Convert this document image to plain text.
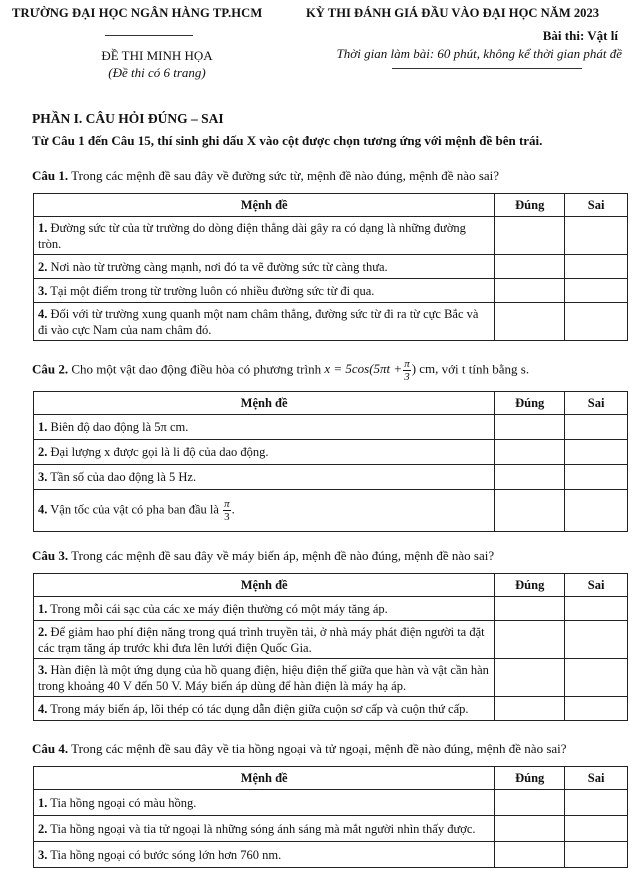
TRƯỜNG ĐẠI HỌC NGÂN HÀNG TP.HCM
ĐỀ THI MINH HỌA
(Đề thi có 6 trang)
KỲ THI ĐÁNH GIÁ ĐẦU VÀO ĐẠI HỌC NĂM 2023
Bài thi: Vật lí
Thời gian làm bài: 60 phút, không kể thời gian phát đề
PHẦN I. CÂU HỎI ĐÚNG – SAI
Từ Câu 1 đến Câu 15, thí sinh ghi dấu X vào cột được chọn tương ứng với mệnh đề bên trái.
Câu 1. Trong các mệnh đề sau đây về đường sức từ, mệnh đề nào đúng, mệnh đề nào sai?
Mệnh đề	Đúng	Sai
1. Đường sức từ của từ trường do dòng điện thẳng dài gây ra có dạng là những đường tròn.		
2. Nơi nào từ trường càng mạnh, nơi đó ta vẽ đường sức từ càng thưa.		
3. Tại một điểm trong từ trường luôn có nhiều đường sức từ đi qua.		
4. Đối với từ trường xung quanh một nam châm thẳng, đường sức từ đi ra từ cực Bắc và đi vào cực Nam của nam châm đó.		
Câu 2. Cho một vật dao động điều hòa có phương trình $x = 5\cos(5\pi t + \frac{\pi}{3}$ ) cm, với t tính bằng s.
Mệnh đề	Đúng	Sai
1. Biên độ dao động là 5π cm.		
2. Đại lượng x được gọi là li độ của dao động.		
3. Tần số của dao động là 5 Hz.		
4. Vận tốc của vật có pha ban đầu là $\frac{\pi}{3}$ .		
Câu 3. Trong các mệnh đề sau đây về máy biến áp, mệnh đề nào đúng, mệnh đề nào sai?
Mệnh đề	Đúng	Sai
1. Trong mỗi cái sạc của các xe máy điện thường có một máy tăng áp.		
2. Để giảm hao phí điện năng trong quá trình truyền tải, ở nhà máy phát điện người ta đặt các trạm tăng áp trước khi đưa lên lưới điện Quốc Gia.		
3. Hàn điện là một ứng dụng của hồ quang điện, hiệu điện thế giữa que hàn và vật cần hàn trong khoảng 40 V đến 50 V. Máy biến áp dùng để hàn điện là máy hạ áp.		
4. Trong máy biến áp, lõi thép có tác dụng dẫn điện giữa cuộn sơ cấp và cuộn thứ cấp.		
Câu 4. Trong các mệnh đề sau đây về tia hồng ngoại và tử ngoại, mệnh đề nào đúng, mệnh đề nào sai?
Mệnh đề	Đúng	Sai
1. Tia hồng ngoại có màu hồng.		
2. Tia hồng ngoại và tia tử ngoại là những sóng ánh sáng mà mắt người nhìn thấy được.		
3. Tia hồng ngoại có bước sóng lớn hơn 760 nm.		
